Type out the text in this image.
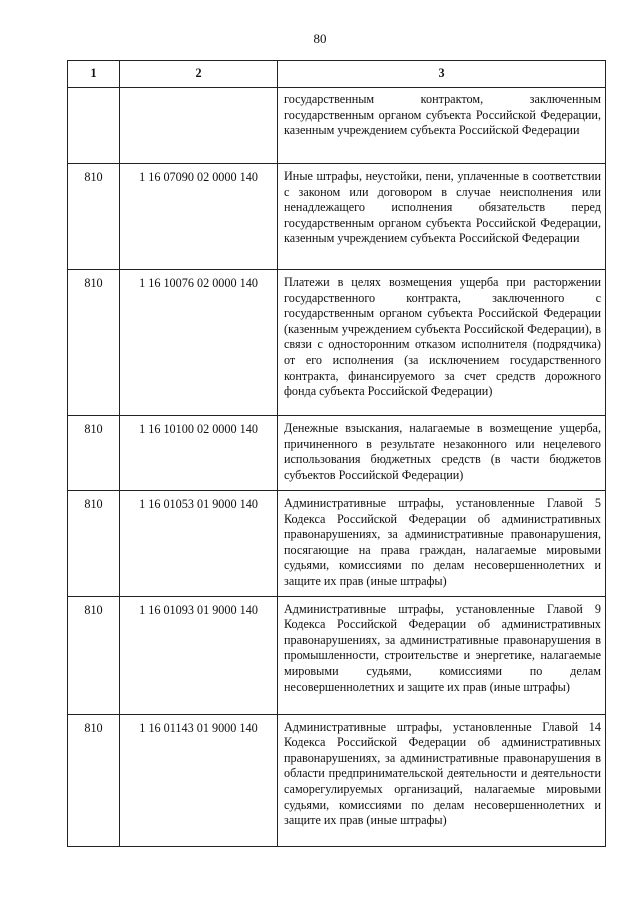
80
1	2	3
		государственным контрактом, заключенным государственным органом субъекта Российской Федерации, казенным учреждением субъекта Российской Федерации
810	1 16 07090 02 0000 140	Иные штрафы, неустойки, пени, уплаченные в соответствии с законом или договором в случае неисполнения или ненадлежащего исполнения обязательств перед государственным органом субъекта Российской Федерации, казенным учреждением субъекта Российской Федерации
810	1 16 10076 02 0000 140	Платежи в целях возмещения ущерба при расторжении государственного контракта, заключенного с государственным органом субъекта Российской Федерации (казенным учреждением субъекта Российской Федерации), в связи с односторонним отказом исполнителя (подрядчика) от его исполнения (за исключением государственного контракта, финансируемого за счет средств дорожного фонда субъекта Российской Федерации)
810	1 16 10100 02 0000 140	Денежные взыскания, налагаемые в возмещение ущерба, причиненного в результате незаконного или нецелевого использования бюджетных средств (в части бюджетов субъектов Российской Федерации)
810	1 16 01053 01 9000 140	Административные штрафы, установленные Главой 5 Кодекса Российской Федерации об административных правонарушениях, за административные правонарушения, посягающие на права граждан, налагаемые мировыми судьями, комиссиями по делам несовершеннолетних и защите их прав (иные штрафы)
810	1 16 01093 01 9000 140	Административные штрафы, установленные Главой 9 Кодекса Российской Федерации об административных правонарушениях, за административные правонарушения в промышленности, строительстве и энергетике, налагаемые мировыми судьями, комиссиями по делам несовершеннолетних и защите их прав (иные штрафы)
810	1 16 01143 01 9000 140	Административные штрафы, установленные Главой 14 Кодекса Российской Федерации об административных правонарушениях, за административные правонарушения в области предпринимательской деятельности и деятельности саморегулируемых организаций, налагаемые мировыми судьями, комиссиями по делам несовершеннолетних и защите их прав (иные штрафы)
